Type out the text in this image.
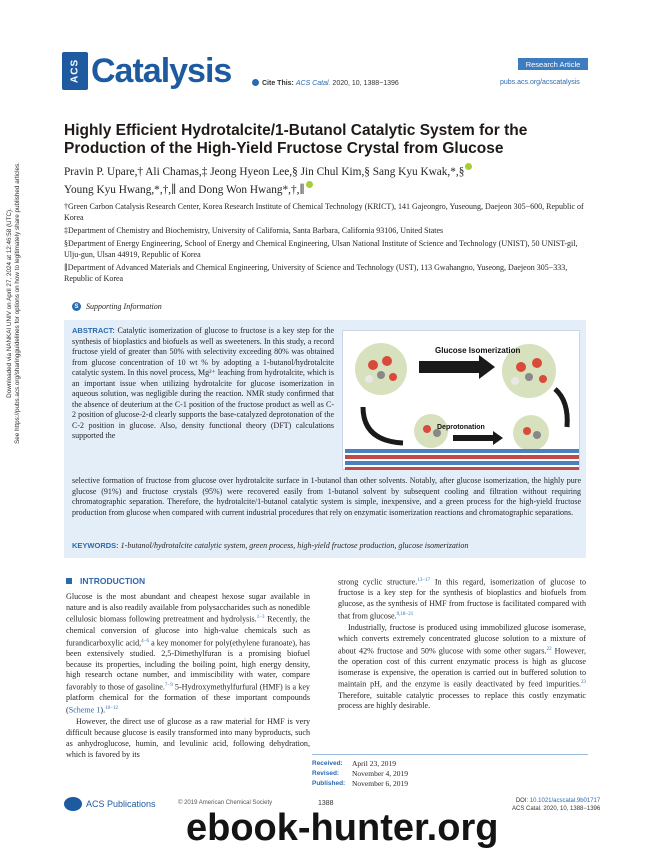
Downloaded via NANKAI UNIV on April 27, 2024 at 12:46:58 (UTC). See https://pubs.acs.org/sharingguidelines for options on how to legitimately share published articles.
ACS Catalysis	Research Article
Cite This: ACS Catal. 2020, 10, 1388−1396	pubs.acs.org/acscatalysis
Highly Efficient Hydrotalcite/1-Butanol Catalytic System for the Production of the High-Yield Fructose Crystal from Glucose
Pravin P. Upare,† Ali Chamas,‡ Jeong Hyeon Lee,§ Jin Chul Kim,§ Sang Kyu Kwak,*,§
Young Kyu Hwang,*,†,∥ and Dong Won Hwang*,†,∥

†Green Carbon Catalysis Research Center, Korea Research Institute of Chemical Technology (KRICT), 141 Gajeongro, Yuseoung, Daejeon 305−600, Republic of Korea

‡Department of Chemistry and Biochemistry, University of California, Santa Barbara, California 93106, United States

§Department of Energy Engineering, School of Energy and Chemical Engineering, Ulsan National Institute of Science and Technology (UNIST), 50 UNIST-gil, Ulju-gun, Ulsan 44919, Republic of Korea

∥Department of Advanced Materials and Chemical Engineering, University of Science and Technology (UST), 113 Gwahangno, Yuseong, Daejeon 305−333, Republic of Korea

S Supporting Information
ABSTRACT: Catalytic isomerization of glucose to fructose is a key step for the synthesis of bioplastics and biofuels as well as sweeteners. In this study, a record fructose yield of greater than 50% with selectivity exceeding 80% was obtained from glucose concentration of 10 wt % by adopting a 1-butanol/hydrotalcite catalytic system. In this novel process, Mg²⁺ leaching from hydrotalcite, which is an important issue when utilizing hydrotalcite for glucose isomerization in aqueous solution, was negligible during the reaction. NMR study confirmed that the absence of deuterium at the C-1 position of the fructose product as well as C-2 position of glucose-2-d clearly supports the base-catalyzed deprotonation of the C-2 position in glucose. Also, density functional theory (DFT) calculations supported the
Glucose Isomerization
Deprotonation
selective formation of fructose from glucose over hydrotalcite surface in 1-butanol than other solvents. Notably, after glucose isomerization, the highly pure glucose (91%) and fructose crystals (95%) were recovered easily from 1-butanol solvent by subsequent cooling and filtration without requiring chromatographic separation. Therefore, the hydrotalcite/1-butanol catalytic system is simple, inexpensive, and a green process for the high-yield fructose production from glucose when compared with current industrial procedures that rely on enzymatic isomerization reactions and chromatographic separations.
KEYWORDS: 1-butanol/hydrotalcite catalytic system, green process, high-yield fructose production, glucose isomerization
INTRODUCTION

Glucose is the most abundant and cheapest hexose sugar available in nature and is also readily available from polysaccharides such as nonedible cellulosic biomass following pretreatment and hydrolysis.$^{1-3}$ Recently, the chemical conversion of glucose into high-value chemicals such as furandicarboxylic acid,$^{4-6}$ a key monomer for poly(ethylene furanoate), has been extensively studied. 2,5-Dimethylfuran is a promising biofuel because its properties, including the boiling point, high energy density, high research octane number, and immiscibility with water, compare favorably to those of gasoline.$^{7-9}$ 5-Hydroxymethylfurfural (HMF) is a key platform chemical for the formation of these important compounds (Scheme 1).$^{10-12}$

However, the direct use of glucose as a raw material for HMF is very difficult because glucose is easily transformed into many byproducts, such as anhydroglucose, humin, and levulinic acid, following dehydration, which is favored by its

strong cyclic structure.$^{13-17}$ In this regard, isomerization of glucose to fructose is a key step for the synthesis of bioplastics and biofuels from glucose, as the synthesis of HMF from fructose is facilitated compared with that from glucose.$^{9,18-21}$

Industrially, fructose is produced using immobilized glucose isomerase, which converts extremely concentrated glucose solution to a mixture of about 42% fructose and 50% glucose with some other sugars.$^{22}$ However, the operation cost of this current enzymatic process is high as glucose isomerase is expensive, the operation is carried out in buffered solution to maintain pH, and the enzyme is easily deactivated by feed impurities.$^{23}$ Therefore, suitable catalytic processes to replace this costly enzymatic process are highly desirable.

Received:	April 23, 2019
Revised:	November 4, 2019
Published: November 6, 2019
ACS Publications	© 2019 American Chemical Society	1388	DOI: 10.1021/acscatal.9b01717
ACS Catal. 2020, 10, 1388−1396
ebook-hunter.org
